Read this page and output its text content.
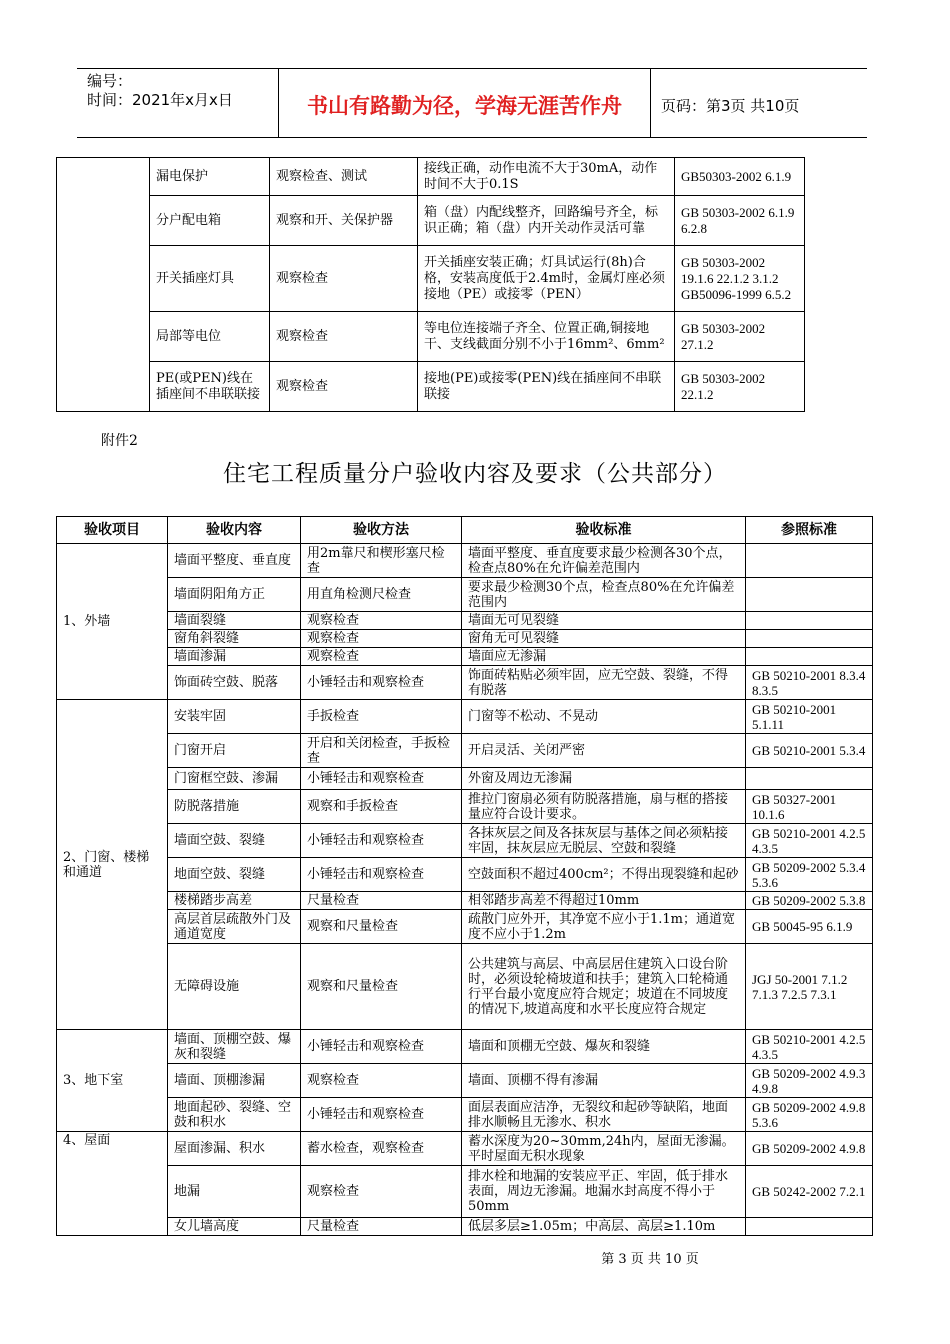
编号：
时间：2021年x月x日	书山有路勤为径，学海无涯苦作舟	页码：第3页 共10页
	漏电保护	观察检查、测试	接线正确，动作电流不大于30mA，动作时间不大于0.1S	GB50303-2002 6.1.9
	分户配电箱	观察和开、关保护器	箱（盘）内配线整齐，回路编号齐全，标识正确；箱（盘）内开关动作灵活可靠	GB 50303-2002 6.1.9 6.2.8
	开关插座灯具	观察检查	开关插座安装正确；灯具试运行(8h)合格，安装高度低于2.4m时，金属灯座必须接地（PE）或接零（PEN）	GB 50303-2002 19.1.6 22.1.2 3.1.2 GB50096-1999 6.5.2
	局部等电位	观察检查	等电位连接端子齐全、位置正确,铜接地干、支线截面分别不小于16mm²、6mm²	GB 50303-2002 27.1.2
	PE(或PEN)线在插座间不串联联接	观察检查	接地(PE)或接零(PEN)线在插座间不串联联接	GB 50303-2002 22.1.2
附件2
住宅工程质量分户验收内容及要求（公共部分）
验收项目	验收内容	验收方法	验收标准	参照标准
1、外墙	墙面平整度、垂直度	用2m靠尺和楔形塞尺检查	墙面平整度、垂直度要求最少检测各30个点，检查点80%在允许偏差范围内	
	墙面阴阳角方正	用直角检测尺检查	要求最少检测30个点，检查点80%在允许偏差范围内	
	墙面裂缝	观察检查	墙面无可见裂缝	
	窗角斜裂缝	观察检查	窗角无可见裂缝	
	墙面渗漏	观察检查	墙面应无渗漏	
	饰面砖空鼓、脱落	小锤轻击和观察检查	饰面砖粘贴必须牢固，应无空鼓、裂缝，不得有脱落	GB 50210-2001 8.3.4 8.3.5
2、门窗、楼梯和通道	安装牢固	手扳检查	门窗等不松动、不晃动	GB 50210-2001 5.1.11
	门窗开启	开启和关闭检查，手扳检查	开启灵活、关闭严密	GB 50210-2001 5.3.4
	门窗框空鼓、渗漏	小锤轻击和观察检查	外窗及周边无渗漏	
	防脱落措施	观察和手扳检查	推拉门窗扇必须有防脱落措施，扇与框的搭接量应符合设计要求。	GB 50327-2001 10.1.6
	墙面空鼓、裂缝	小锤轻击和观察检查	各抹灰层之间及各抹灰层与基体之间必须粘接牢固，抹灰层应无脱层、空鼓和裂缝	GB 50210-2001 4.2.5 4.3.5
	地面空鼓、裂缝	小锤轻击和观察检查	空鼓面积不超过400cm²；不得出现裂缝和起砂	GB 50209-2002 5.3.4 5.3.6
	楼梯踏步高差	尺量检查	相邻踏步高差不得超过10mm	GB 50209-2002 5.3.8
	高层首层疏散外门及通道宽度	观察和尺量检查	疏散门应外开，其净宽不应小于1.1m；通道宽度不应小于1.2m	GB 50045-95 6.1.9
	无障碍设施	观察和尺量检查	公共建筑与高层、中高层居住建筑入口设台阶时，必须设轮椅坡道和扶手；建筑入口轮椅通行平台最小宽度应符合规定；坡道在不同坡度的情况下,坡道高度和水平长度应符合规定	JGJ 50-2001 7.1.2 7.1.3 7.2.5 7.3.1
3、地下室	墙面、顶棚空鼓、爆灰和裂缝	小锤轻击和观察检查	墙面和顶棚无空鼓、爆灰和裂缝	GB 50210-2001 4.2.5 4.3.5
	墙面、顶棚渗漏	观察检查	墙面、顶棚不得有渗漏	GB 50209-2002 4.9.3 4.9.8
	地面起砂、裂缝、空鼓和积水	小锤轻击和观察检查	面层表面应洁净，无裂纹和起砂等缺陷，地面排水顺畅且无渗水、积水	GB 50209-2002 4.9.8 5.3.6
4、屋面	屋面渗漏、积水	蓄水检查，观察检查	蓄水深度为20~30mm,24h内，屋面无渗漏。平时屋面无积水现象	GB 50209-2002 4.9.8
	地漏	观察检查	排水栓和地漏的安装应平正、牢固，低于排水表面，周边无渗漏。地漏水封高度不得小于50mm	GB 50242-2002 7.2.1
	女儿墙高度	尺量检查	低层多层≥1.05m；中高层、高层≥1.10m	
第 3 页 共 10 页
